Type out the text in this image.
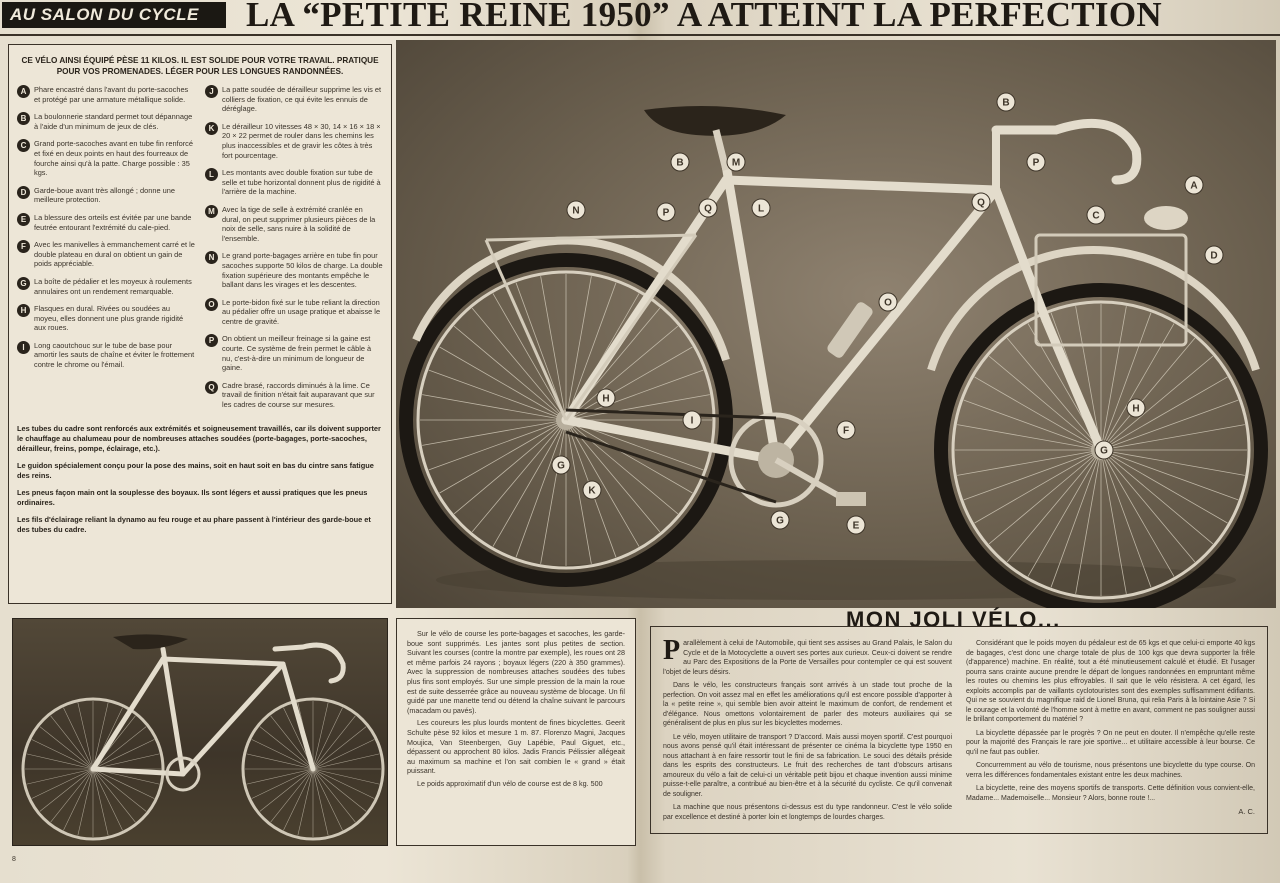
AU SALON DU CYCLE	LA “PETITE REINE 1950” A ATTEINT LA PERFECTION
CE VÉLO AINSI ÉQUIPÉ PÈSE 11 KILOS. IL EST SOLIDE POUR VOTRE TRAVAIL. PRATIQUE POUR VOS PROMENADES. LÉGER POUR LES LONGUES RANDONNÉES.
A	Phare encastré dans l'avant du porte-sacoches et protégé par une armature métallique solide.
B	La boulonnerie standard permet tout dépannage à l'aide d'un minimum de jeux de clés.
C	Grand porte-sacoches avant en tube fin renforcé et fixé en deux points en haut des fourreaux de fourche ainsi qu'à la patte. Charge possible : 35 kgs.
D	Garde-boue avant très allongé ; donne une meilleure protection.
E	La blessure des orteils est évitée par une bande feutrée entourant l'extrémité du cale-pied.
F	Avec les manivelles à emmanchement carré et le double plateau en dural on obtient un gain de poids appréciable.
G La boîte de pédalier et les moyeux à roulements annulaires ont un rendement remarquable.
H	Flasques en dural. Rivées ou soudées au moyeu, elles donnent une plus grande rigidité aux roues.
I	Long caoutchouc sur le tube de base pour amortir les sauts de chaîne et éviter le frottement contre le chrome ou l'émail.
J	La patte soudée de dérailleur supprime les vis et colliers de fixation, ce qui évite les ennuis de déréglage.
K	Le dérailleur 10 vitesses 48 × 30, 14 × 16 × 18 × 20 × 22 permet de rouler dans les chemins les plus inaccessibles et de gravir les côtes à très fort pourcentage.
L	Les montants avec double fixation sur tube de selle et tube horizontal donnent plus de rigidité à l'arrière de la machine.
M Avec la tige de selle à extrémité cranlée en dural, on peut supprimer plusieurs pièces de la noix de selle, sans nuire à la solidité de l'ensemble.
N	Le grand porte-bagages arrière en tube fin pour sacoches supporte 50 kilos de charge. La double fixation supérieure des montants empêche le ballant dans les virages et les descentes.
O Le porte-bidon fixé sur le tube reliant la direction au pédalier offre un usage pratique et abaisse le centre de gravité.
P	On obtient un meilleur freinage si la gaine est courte. Ce système de frein permet le câble à nu, c'est-à-dire un minimum de longueur de gaine.
Q Cadre brasé, raccords diminués à la lime. Ce travail de finition n'était fait auparavant que sur les cadres de course sur mesures.

Les tubes du cadre sont renforcés aux extrémités et soigneusement travaillés, car ils doivent supporter le chauffage au chalumeau pour de nombreuses attaches soudées (porte-bagages, porte-sacoches, dérailleur, freins, pompe, éclairage, etc.).

Le guidon spécialement conçu pour la pose des mains, soit en haut soit en bas du cintre sans fatigue des reins.

Les pneus façon main ont la souplesse des boyaux. Ils sont légers et aussi pratiques que les pneus ordinaires.

Les fils d'éclairage reliant la dynamo au feu rouge et au phare passent à l'intérieur des garde-boue et des tubes du cadre.

N	P
B	M
Q	L
B
P
Q
A
C
D
O
H
I
F
G
K
G	E
H
G

Sur le vélo de course les porte-bagages et sacoches, les garde-boue sont supprimés. Les jantes sont plus petites de section. Suivant les courses (contre la montre par exemple), les roues ont 28 et même parfois 24 rayons ; boyaux légers (220 à 350 grammes). Avec la suppression de nombreuses attaches soudées des tubes plus fins sont employés. Sur une simple pression de la main la roue est de suite desserrée grâce au nouveau système de blocage. Un fil guidé par une manette tend ou détend la chaîne suivant le parcours (macadam ou pavés).

Les coureurs les plus lourds montent de fines bicyclettes. Geerit Schulte pèse 92 kilos et mesure 1 m. 87. Florenzo Magni, Jacques Moujica, Van Steenbergen, Guy Lapébie, Paul Giguet, etc., dépassent ou approchent 80 kilos. Jadis Francis Pélissier allégeait au maximum sa machine et l'on sait combien le « grand » était puissant.

Le poids approximatif d'un vélo de course est de 8 kg. 500

MON JOLI VÉLO...

Parallèlement à celui de l'Automobile, qui tient ses assises au Grand Palais, le Salon du Cycle et de la Motocyclette a ouvert ses portes aux curieux. Ceux-ci doivent se rendre au Parc des Expositions de la Porte de Versailles pour contempler ce qui est souvent l'objet de leurs désirs.

Dans le vélo, les constructeurs français sont arrivés à un stade tout proche de la perfection. On voit assez mal en effet les améliorations qu'il est encore possible d'apporter à la « petite reine », qui semble bien avoir atteint le maximum de confort, de rendement et d'élégance. Nous omettons volontairement de parler des moteurs auxiliaires qui se généralisent de plus en plus sur les bicyclettes modernes.

Le vélo, moyen utilitaire de transport ? D'accord. Mais aussi moyen sportif. C'est pourquoi nous avons pensé qu'il était intéressant de présenter ce cinéma la bicyclette type 1950 en nous attachant à en faire ressortir tout le fini de sa fabrication. Le souci des détails préside dans les esprits des constructeurs. Le fruit des recherches de tant d'obscurs artisans amoureux du vélo a fait de celui-ci un véritable petit bijou et chaque invention aussi minime puisse-t-elle paraître, a contribué au bien-être et à la sécurité du cycliste. Ce qu'il convenait de souligner.

La machine que nous présentons ci-dessus est du type randonneur. C'est le vélo solide par excellence et destiné à porter loin et longtemps de lourdes charges.

Considérant que le poids moyen du pédaleur est de 65 kgs et que celui-ci emporte 40 kgs de bagages, c'est donc une charge totale de plus de 100 kgs que devra supporter la frêle (d'apparence) machine. En réalité, tout a été minutieusement calculé et étudié. Et l'usager pourra sans crainte aucune prendre le départ de longues randonnées en empruntant même les routes ou chemins les plus effroyables. Il sait que le vélo résistera. A cet égard, les exploits accomplis par de vaillants cyclotouristes sont des exemples suffisamment édifiants. Qui ne se souvient du magnifique raid de Lionel Bruna, qui relia Paris à la lointaine Asie ? Si le courage et la volonté de l'homme sont à mettre en avant, comment ne pas souligner aussi le brillant comportement du matériel ?

La bicyclette dépassée par le progrès ? On ne peut en douter. Il n'empêche qu'elle reste pour la majorité des Français le rare joie sportive... et utilitaire accessible à leur bourse. Ce qu'il ne faut pas oublier.

Concurremment au vélo de tourisme, nous présentons une bicyclette du type course. On verra les différences fondamentales existant entre les deux machines.

La bicyclette, reine des moyens sportifs de transports. Cette définition vous convient-elle, Madame... Mademoiselle... Monsieur ? Alors, bonne route !...

A. C.
8
